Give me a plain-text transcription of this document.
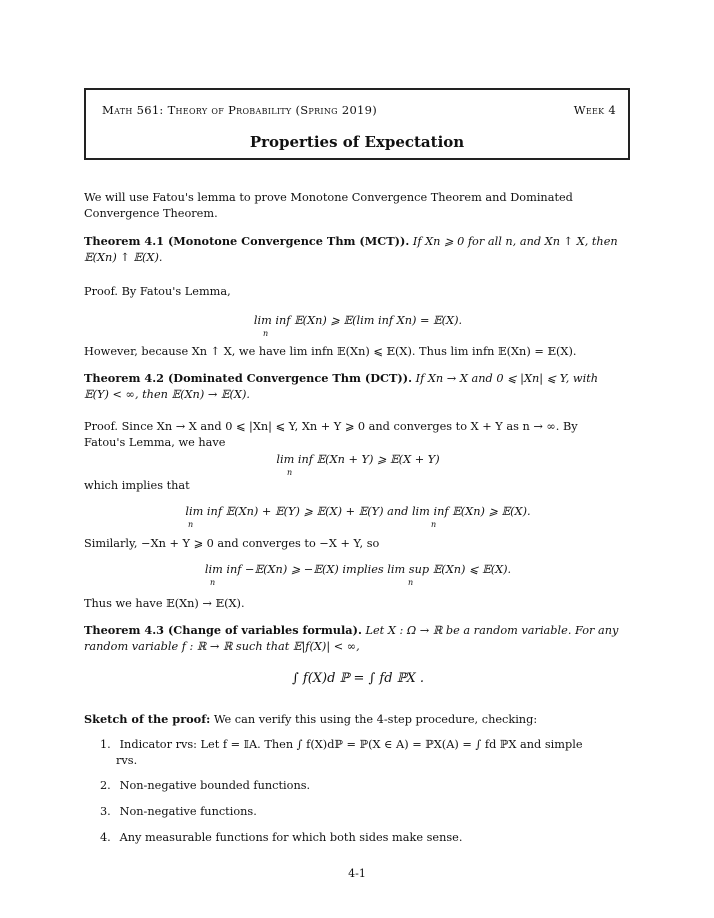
Math 561: Theory of Probability (Spring 2019)	Week 4
Properties of Expectation
We will use Fatou's lemma to prove Monotone Convergence Theorem and Dominated Convergence Theorem.
Theorem 4.1 (Monotone Convergence Thm (MCT)). If Xn ⩾ 0 for all n, and Xn ↑ X, then
𝔼(Xn) ↑ 𝔼(X).
Proof. By Fatou's Lemma,
lim inf 𝔼(Xn) ⩾ 𝔼(lim inf Xn) = 𝔼(X).
n
However, because Xn ↑ X, we have lim infn 𝔼(Xn) ⩽ 𝔼(X). Thus lim infn 𝔼(Xn) = 𝔼(X).
Theorem 4.2 (Dominated Convergence Thm (DCT)). If Xn → X and 0 ⩽ |Xn| ⩽ Y, with
𝔼(Y) < ∞, then 𝔼(Xn) → 𝔼(X).
Proof. Since Xn → X and 0 ⩽ |Xn| ⩽ Y, Xn + Y ⩾ 0 and converges to X + Y as n → ∞. By
Fatou's Lemma, we have
lim inf 𝔼(Xn + Y) ⩾ 𝔼(X + Y)
n
which implies that
lim inf 𝔼(Xn) + 𝔼(Y) ⩾ 𝔼(X) + 𝔼(Y) and lim inf 𝔼(Xn) ⩾ 𝔼(X).
n	n
Similarly, −Xn + Y ⩾ 0 and converges to −X + Y, so
lim inf −𝔼(Xn) ⩾ −𝔼(X) implies lim sup 𝔼(Xn) ⩽ 𝔼(X).
n	n
Thus we have 𝔼(Xn) → 𝔼(X).
Theorem 4.3 (Change of variables formula). Let X : Ω → ℝ be a random variable. For any
random variable f : ℝ → ℝ such that 𝔼|f(X)| < ∞,
∫ f(X)d ℙ = ∫ fd ℙX .
Sketch of the proof: We can verify this using the 4-step procedure, checking:
1. Indicator rvs: Let f = 𝕀A. Then ∫ f(X)dℙ = ℙ(X ∈ A) = ℙX(A) = ∫ fd ℙX and simple
rvs.
2. Non-negative bounded functions.
3. Non-negative functions.
4. Any measurable functions for which both sides make sense.
4-1
